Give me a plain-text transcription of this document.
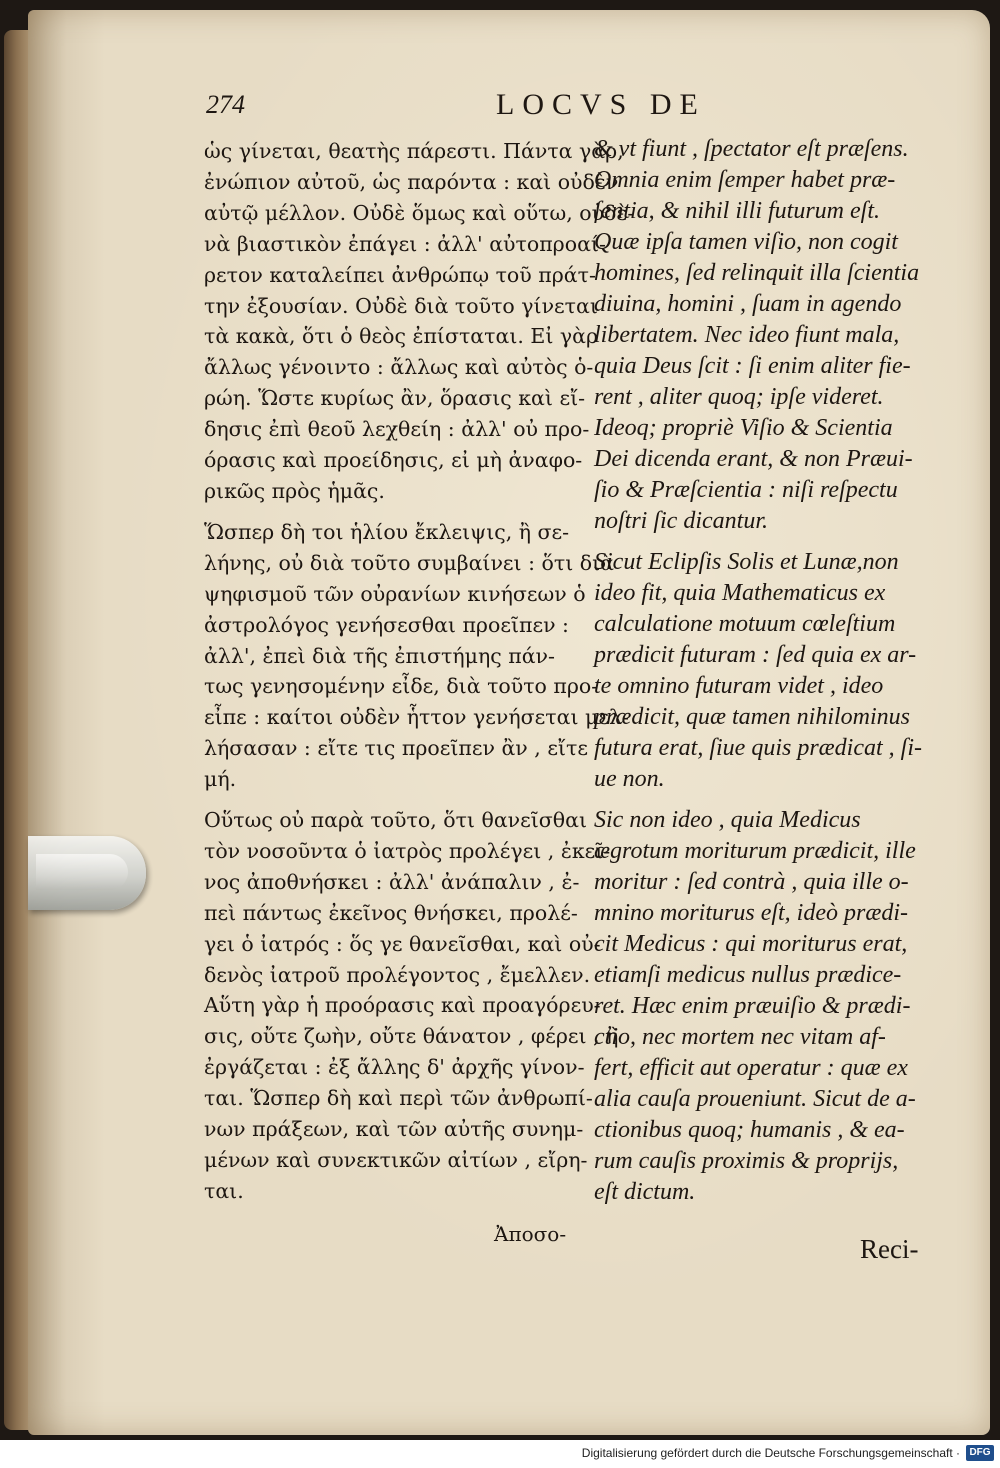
274	LOCVS DE
ὡς γίνεται, θεατὴς πάρεστι. Πάντα γὰρ,
ἐνώπιον αὐτοῦ, ὡς παρόντα : καὶ οὐδὲν
αὐτῷ μέλλον. Οὐδὲ ὅμως καὶ οὕτω, οὐδὲ-
νὰ βιαστικὸν ἐπάγει : ἀλλ' αὐτοπροαί-
ρετον καταλείπει ἀνθρώπῳ τοῦ πράτ-
την ἐξουσίαν. Οὐδὲ διὰ τοῦτο γίνεται
τὰ κακὰ, ὅτι ὁ θεὸς ἐπίσταται. Εἰ γὰρ
ἄλλως γένοιντο : ἄλλως καὶ αὐτὸς ὁ-
ρώη. Ὥστε κυρίως ἂν, ὅρασις καὶ εἴ-
δησις ἐπὶ θεοῦ λεχθείη : ἀλλ' οὐ προ-
όρασις καὶ προείδησις, εἰ μὴ ἀναφο-
ρικῶς πρὸς ἡμᾶς.
Ὥσπερ δὴ τοι ἡλίου ἔκλειψις, ἢ σε-
λήνης, οὐ διὰ τοῦτο συμβαίνει : ὅτι διὰ
ψηφισμοῦ τῶν οὐρανίων κινήσεων ὁ
ἀστρολόγος γενήσεσθαι προεῖπεν :
ἀλλ', ἐπεὶ διὰ τῆς ἐπιστήμης πάν-
τως γενησομένην εἶδε, διὰ τοῦτο προ-
εἶπε : καίτοι οὐδὲν ἧττον γενήσεται μελ-
λήσασαν : εἴτε τις προεῖπεν ἂν , εἴτε
μή.
Οὕτως οὐ παρὰ τοῦτο, ὅτι θανεῖσθαι
τὸν νοσοῦντα ὁ ἰατρὸς προλέγει , ἐκεῖ-
νος ἀποθνήσκει : ἀλλ' ἀνάπαλιν , ἐ-
πεὶ πάντως ἐκεῖνος θνήσκει, προλέ-
γει ὁ ἰατρός : ὅς γε θανεῖσθαι, καὶ οὐ-
δενὸς ἰατροῦ προλέγοντος , ἔμελλεν.
Αὕτη γὰρ ἡ προόρασις καὶ προαγόρευ-
σις, οὔτε ζωὴν, οὔτε θάνατον , φέρει , ἢ
ἐργάζεται : ἐξ ἄλλης δ' ἀρχῆς γίνον-
ται. Ὥσπερ δὴ καὶ περὶ τῶν ἀνθρωπί-
νων πράξεων, καὶ τῶν αὐτῆς συνημ-
μένων καὶ συνεκτικῶν αἰτίων , εἴρη-
ται.
& vt fiunt , ſpectator eſt præſens.
Omnia enim ſemper habet præ-
ſentia, & nihil illi futurum eſt.
Quæ ipſa tamen viſio, non cogit
homines, ſed relinquit illa ſcientia
diuina, homini , ſuam in agendo
libertatem. Nec ideo fiunt mala,
quia Deus ſcit : ſi enim aliter fie-
rent , aliter quoq; ipſe videret.
Ideoq; propriè Viſio & Scientia
Dei dicenda erant, & non Præui-
ſio & Præſcientia : niſi reſpectu
noſtri ſic dicantur.
Sicut Eclipſis Solis et Lunæ,non
ideo fit, quia Mathematicus ex
calculatione motuum cœleſtium
prædicit futuram : ſed quia ex ar-
te omnino futuram videt , ideo
prædicit, quæ tamen nihilominus
futura erat, ſiue quis prædicat , ſi-
ue non.
Sic non ideo , quia Medicus
ægrotum moriturum prædicit, ille
moritur : ſed contrà , quia ille o-
mnino moriturus eſt, ideò prædi-
cit Medicus : qui moriturus erat,
etiamſi medicus nullus prædice-
ret. Hæc enim præuiſio & prædi-
ctio, nec mortem nec vitam af-
fert, efficit aut operatur : quæ ex
alia cauſa proueniunt. Sicut de a-
ctionibus quoq; humanis , & ea-
rum cauſis proximis & proprijs,
eſt dictum.
Ἀποσο-	Reci-
Digitalisierung gefördert durch die Deutsche Forschungsgemeinschaft · DFG
